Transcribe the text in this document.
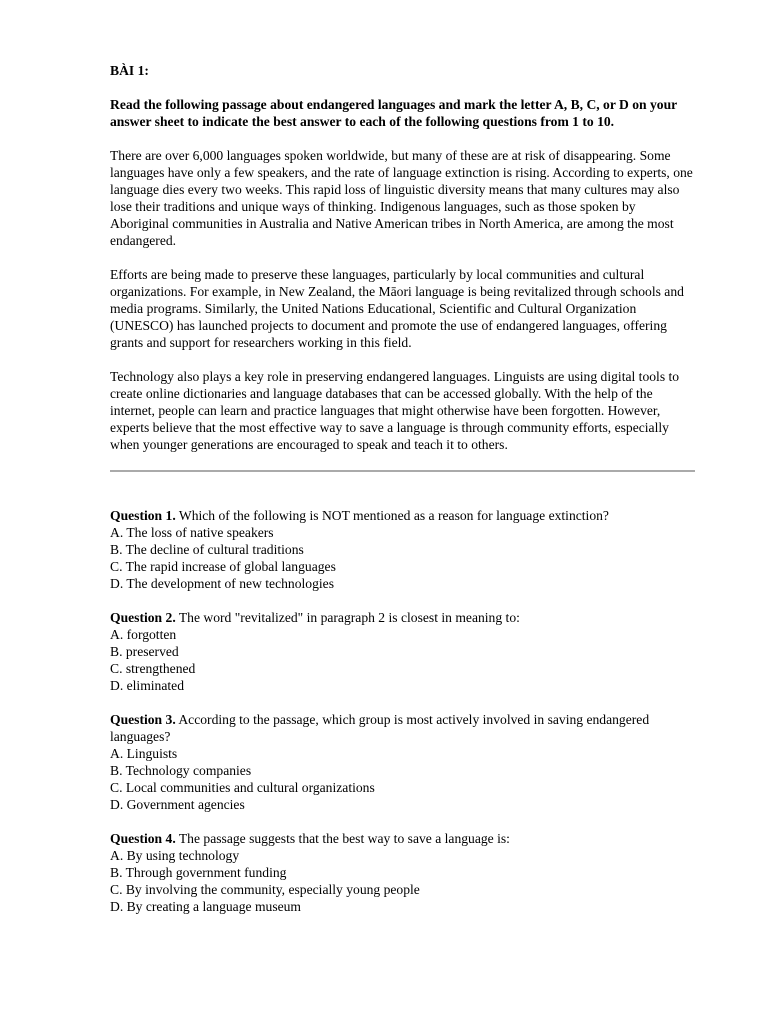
BÀI 1:
Read the following passage about endangered languages and mark the letter A, B, C, or D on your answer sheet to indicate the best answer to each of the following questions from 1 to 10.

There are over 6,000 languages spoken worldwide, but many of these are at risk of disappearing. Some languages have only a few speakers, and the rate of language extinction is rising. According to experts, one language dies every two weeks. This rapid loss of linguistic diversity means that many cultures may also lose their traditions and unique ways of thinking. Indigenous languages, such as those spoken by Aboriginal communities in Australia and Native American tribes in North America, are among the most endangered.

Efforts are being made to preserve these languages, particularly by local communities and cultural organizations. For example, in New Zealand, the Māori language is being revitalized through schools and media programs. Similarly, the United Nations Educational, Scientific and Cultural Organization (UNESCO) has launched projects to document and promote the use of endangered languages, offering grants and support for researchers working in this field.

Technology also plays a key role in preserving endangered languages. Linguists are using digital tools to create online dictionaries and language databases that can be accessed globally. With the help of the internet, people can learn and practice languages that might otherwise have been forgotten. However, experts believe that the most effective way to save a language is through community efforts, especially when younger generations are encouraged to speak and teach it to others.

Question 1. Which of the following is NOT mentioned as a reason for language extinction?
A. The loss of native speakers
B. The decline of cultural traditions
C. The rapid increase of global languages
D. The development of new technologies
Question 2. The word "revitalized" in paragraph 2 is closest in meaning to:
A. forgotten
B. preserved
C. strengthened
D. eliminated
Question 3. According to the passage, which group is most actively involved in saving endangered languages?
A. Linguists
B. Technology companies
C. Local communities and cultural organizations
D. Government agencies
Question 4. The passage suggests that the best way to save a language is:
A. By using technology
B. Through government funding
C. By involving the community, especially young people
D. By creating a language museum
